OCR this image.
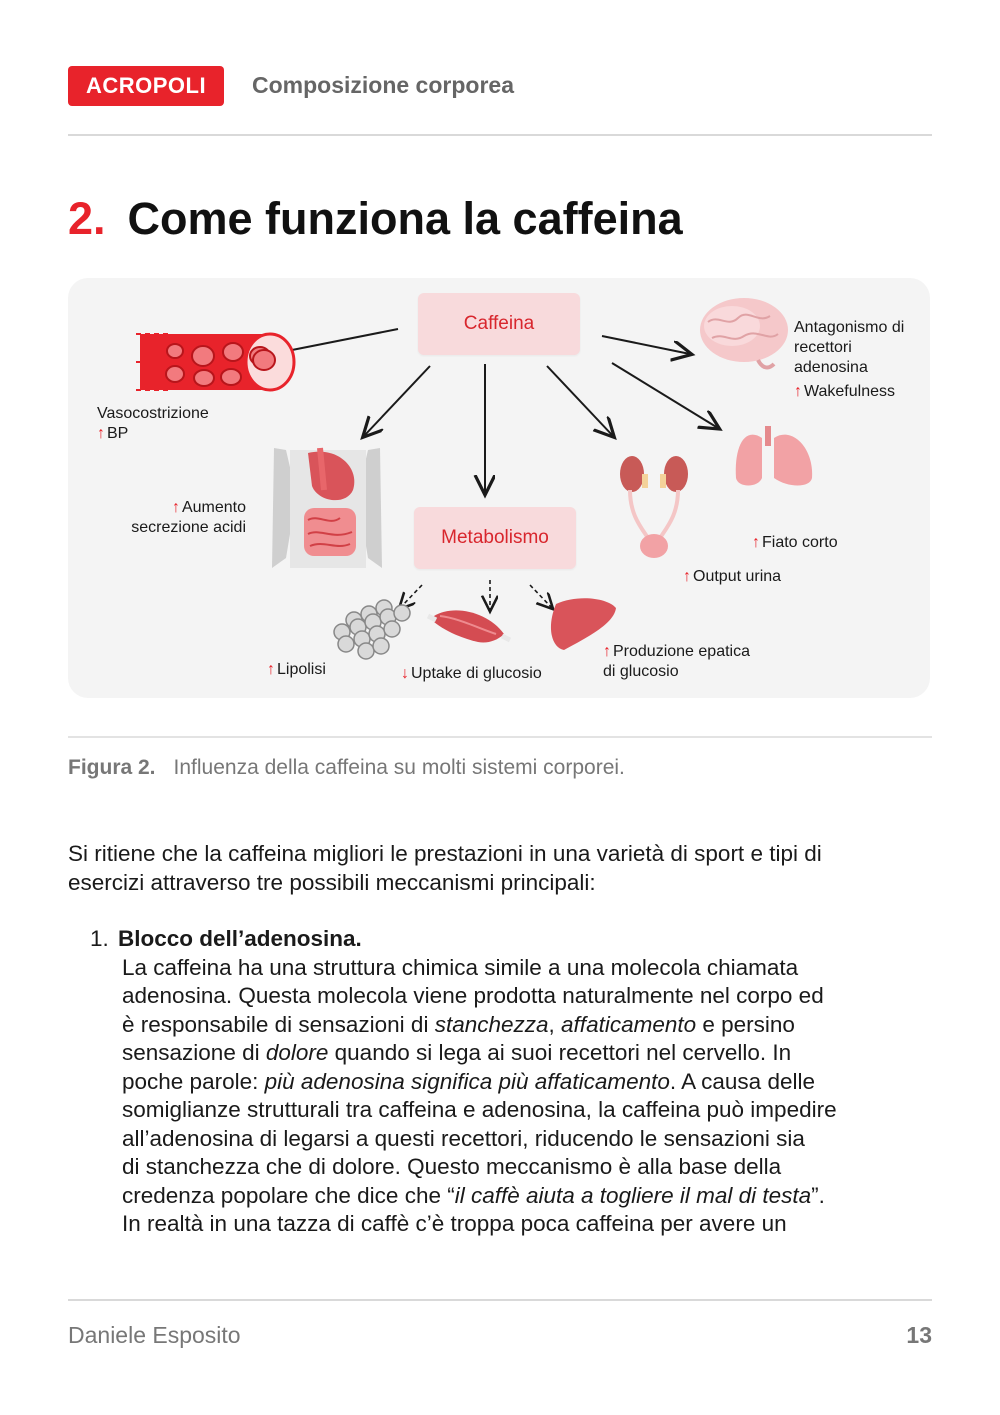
ACROPOLI	Composizione corporea
2. Come funziona la caffeina
Caffeina
Metabolismo
Vasocostrizione
↑ BP
↑ Aumento
secrezione acidi
Antagonismo di
recettori
adenosina
↑ Wakefulness
↑ Fiato corto
↑ Output urina
↑ Lipolisi	↓ Uptake di glucosio
↑ Produzione epatica
di glucosio
Figura 2. Influenza della caffeina su molti sistemi corporei.
Si ritiene che la caffeina migliori le prestazioni in una varietà di sport e tipi di
esercizi attraverso tre possibili meccanismi principali:
1. Blocco dell’adenosina.
La caffeina ha una struttura chimica simile a una molecola chiamata
adenosina. Questa molecola viene prodotta naturalmente nel corpo ed
è responsabile di sensazioni di stanchezza, affaticamento e persino
sensazione di dolore quando si lega ai suoi recettori nel cervello. In
poche parole: più adenosina significa più affaticamento. A causa delle
somiglianze strutturali tra caffeina e adenosina, la caffeina può impedire
all’adenosina di legarsi a questi recettori, riducendo le sensazioni sia
di stanchezza che di dolore. Questo meccanismo è alla base della
credenza popolare che dice che “il caffè aiuta a togliere il mal di testa”.
In realtà in una tazza di caffè c’è troppa poca caffeina per avere un
Daniele Esposito	13
